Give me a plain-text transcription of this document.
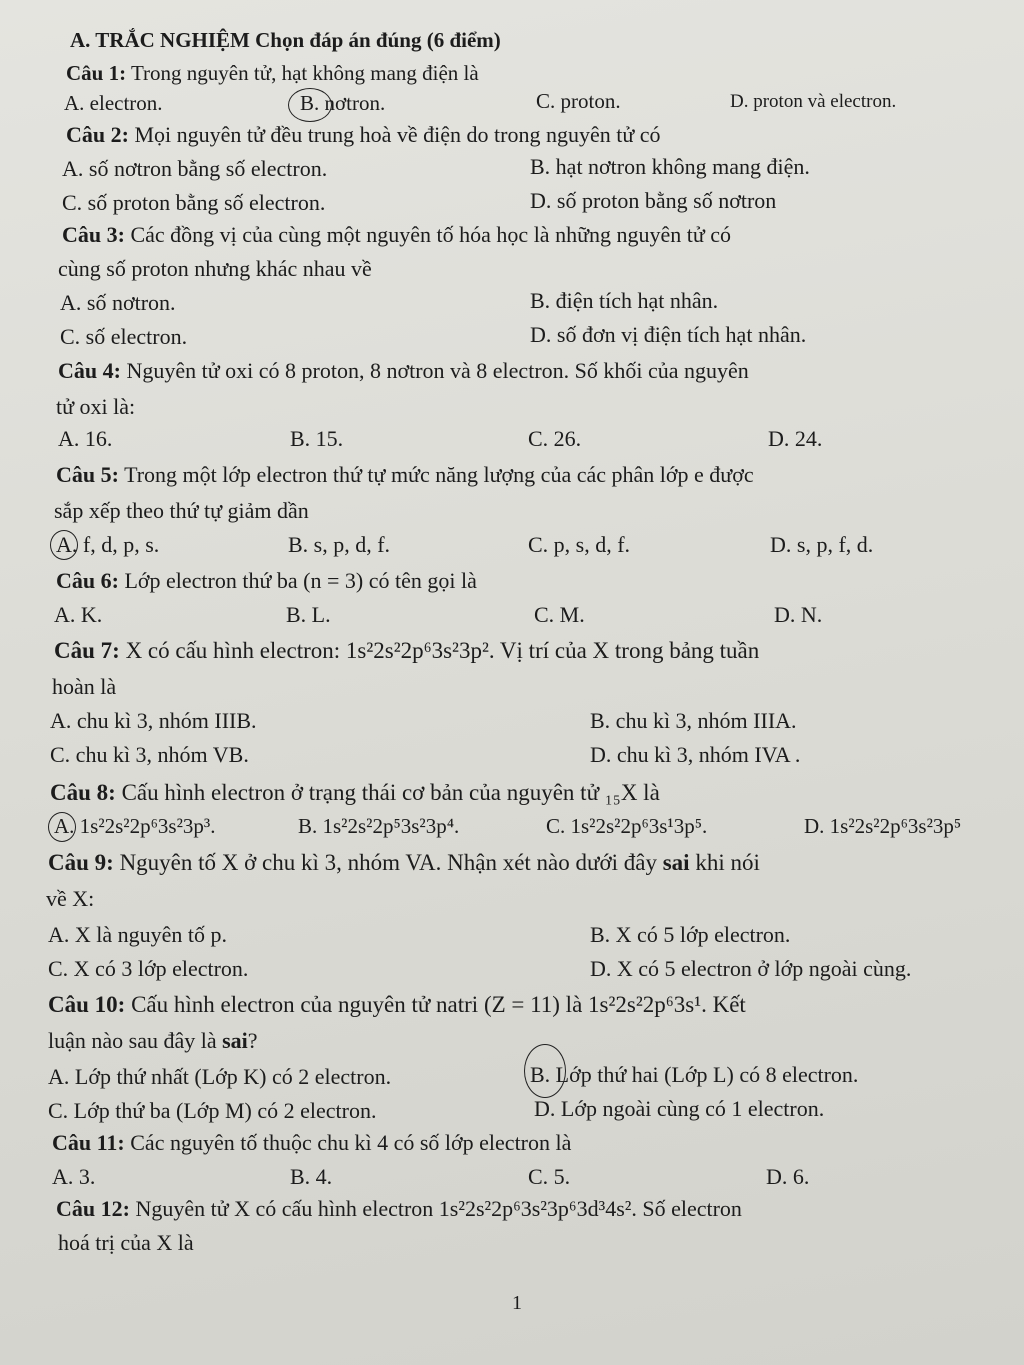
A. TRẮC NGHIỆM Chọn đáp án đúng (6 điểm)
Câu 1: Trong nguyên tử, hạt không mang điện là
A. electron.	B. nơtron.	C. proton.	D. proton và electron.
Câu 2: Mọi nguyên tử đều trung hoà về điện do trong nguyên tử có
A. số nơtron bằng số electron.	B. hạt nơtron không mang điện.
C. số proton bằng số electron.	D. số proton bằng số nơtron
Câu 3: Các đồng vị của cùng một nguyên tố hóa học là những nguyên tử có
cùng số proton nhưng khác nhau về
A. số nơtron.	B. điện tích hạt nhân.
C. số electron.	D. số đơn vị điện tích hạt nhân.
Câu 4: Nguyên tử oxi có 8 proton, 8 nơtron và 8 electron. Số khối của nguyên
tử oxi là:
A. 16.	B. 15.	C. 26.	D. 24.
Câu 5: Trong một lớp electron thứ tự mức năng lượng của các phân lớp e được
sắp xếp theo thứ tự giảm dần
A. f, d, p, s.	B. s, p, d, f.	C. p, s, d, f.	D. s, p, f, d.
Câu 6: Lớp electron thứ ba (n = 3) có tên gọi là
A. K.	B. L.	C. M.	D. N.
Câu 7: X có cấu hình electron: 1s²2s²2p⁶3s²3p². Vị trí của X trong bảng tuần
hoàn là
A. chu kì 3, nhóm IIIB.	B. chu kì 3, nhóm IIIA.
C. chu kì 3, nhóm VB.	D. chu kì 3, nhóm IVA .
Câu 8: Cấu hình electron ở trạng thái cơ bản của nguyên tử ₁₅X là
A. 1s²2s²2p⁶3s²3p³.	B. 1s²2s²2p⁵3s²3p⁴.	C. 1s²2s²2p⁶3s¹3p⁵.	D. 1s²2s²2p⁶3s²3p⁵
Câu 9: Nguyên tố X ở chu kì 3, nhóm VA. Nhận xét nào dưới đây sai khi nói
về X:
A. X là nguyên tố p.	B. X có 5 lớp electron.
C. X có 3 lớp electron.	D. X có 5 electron ở lớp ngoài cùng.
Câu 10: Cấu hình electron của nguyên tử natri (Z = 11) là 1s²2s²2p⁶3s¹. Kết
luận nào sau đây là sai?
A. Lớp thứ nhất (Lớp K) có 2 electron.	B. Lớp thứ hai (Lớp L) có 8 electron.
C. Lớp thứ ba (Lớp M) có 2 electron.	D. Lớp ngoài cùng có 1 electron.
Câu 11: Các nguyên tố thuộc chu kì 4 có số lớp electron là
A. 3.	B. 4.	C. 5.	D. 6.
Câu 12: Nguyên tử X có cấu hình electron 1s²2s²2p⁶3s²3p⁶3d³4s². Số electron
hoá trị của X là
1
